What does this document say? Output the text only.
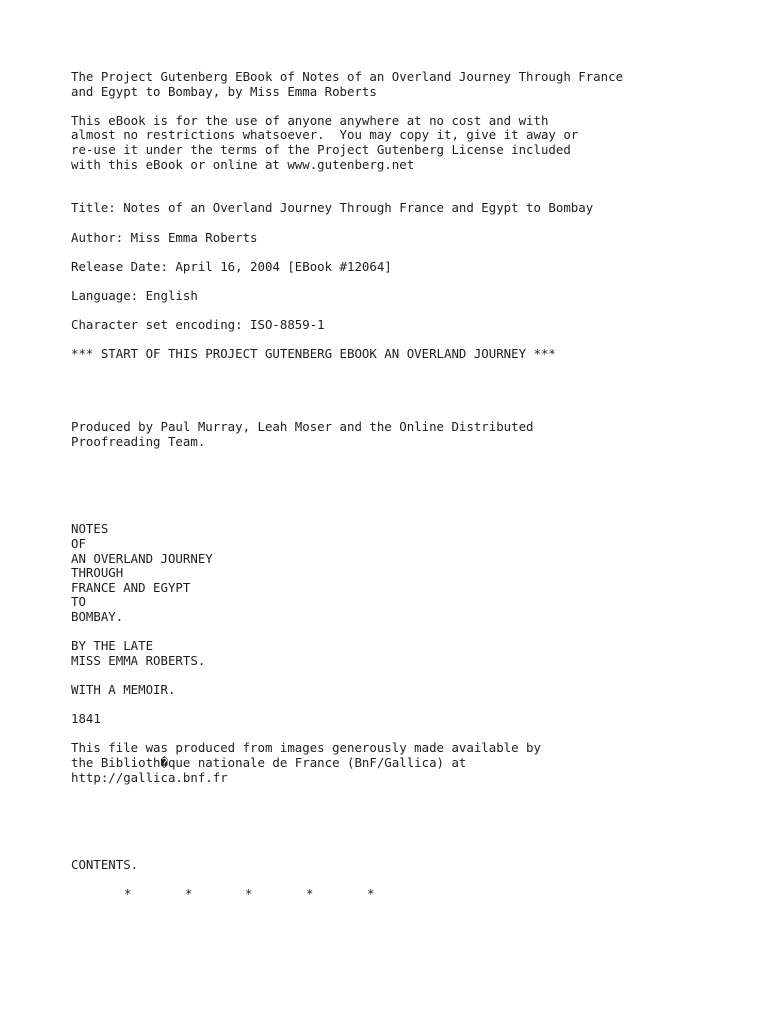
The Project Gutenberg EBook of Notes of an Overland Journey Through France
and Egypt to Bombay, by Miss Emma Roberts
This eBook is for the use of anyone anywhere at no cost and with
almost no restrictions whatsoever.  You may copy it, give it away or
re-use it under the terms of the Project Gutenberg License included
with this eBook or online at www.gutenberg.net
Title: Notes of an Overland Journey Through France and Egypt to Bombay
Author: Miss Emma Roberts
Release Date: April 16, 2004 [EBook #12064]
Language: English
Character set encoding: ISO-8859-1
*** START OF THIS PROJECT GUTENBERG EBOOK AN OVERLAND JOURNEY ***
Produced by Paul Murray, Leah Moser and the Online Distributed
Proofreading Team.
NOTES
OF
AN OVERLAND JOURNEY
THROUGH
FRANCE AND EGYPT
TO
BOMBAY.
BY THE LATE
MISS EMMA ROBERTS.
WITH A MEMOIR.
1841
This file was produced from images generously made available by
the Biblioth�que nationale de France (BnF/Gallica) at
http://gallica.bnf.fr
CONTENTS.

*

	*

	*

	*

	*
